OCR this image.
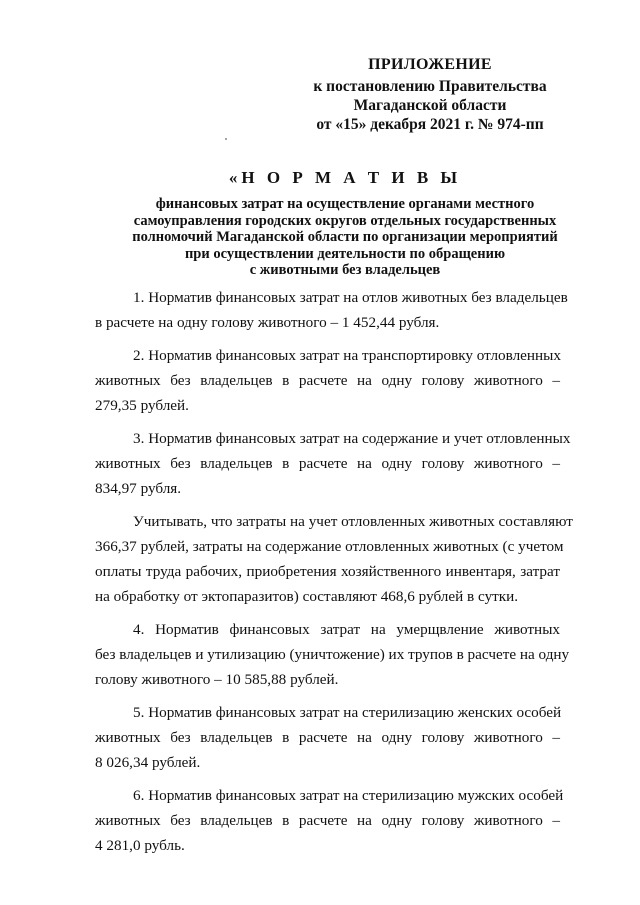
ПРИЛОЖЕНИЕ
к постановлению Правительства
Магаданской области
от «15» декабря 2021 г. № 974-пп
«Н О Р М А Т И В Ы
финансовых затрат на осуществление органами местного
самоуправления городских округов отдельных государственных
полномочий Магаданской области по организации мероприятий
при осуществлении деятельности по обращению
с животными без владельцев
1. Норматив финансовых затрат на отлов животных без владельцев
в расчете на одну голову животного – 1 452,44 рубля.
2. Норматив финансовых затрат на транспортировку отловленных
животных без владельцев в расчете на одну голову животного –
279,35 рублей.
3. Норматив финансовых затрат на содержание и учет отловленных
животных без владельцев в расчете на одну голову животного –
834,97 рубля.
Учитывать, что затраты на учет отловленных животных составляют
366,37 рублей, затраты на содержание отловленных животных (с учетом
оплаты труда рабочих, приобретения хозяйственного инвентаря, затрат
на обработку от эктопаразитов) составляют 468,6 рублей в сутки.
4. Норматив финансовых затрат на умерщвление животных
без владельцев и утилизацию (уничтожение) их трупов в расчете на одну
голову животного – 10 585,88 рублей.
5. Норматив финансовых затрат на стерилизацию женских особей
животных без владельцев в расчете на одну голову животного –
8 026,34 рублей.
6. Норматив финансовых затрат на стерилизацию мужских особей
животных без владельцев в расчете на одну голову животного –
4 281,0 рубль.
